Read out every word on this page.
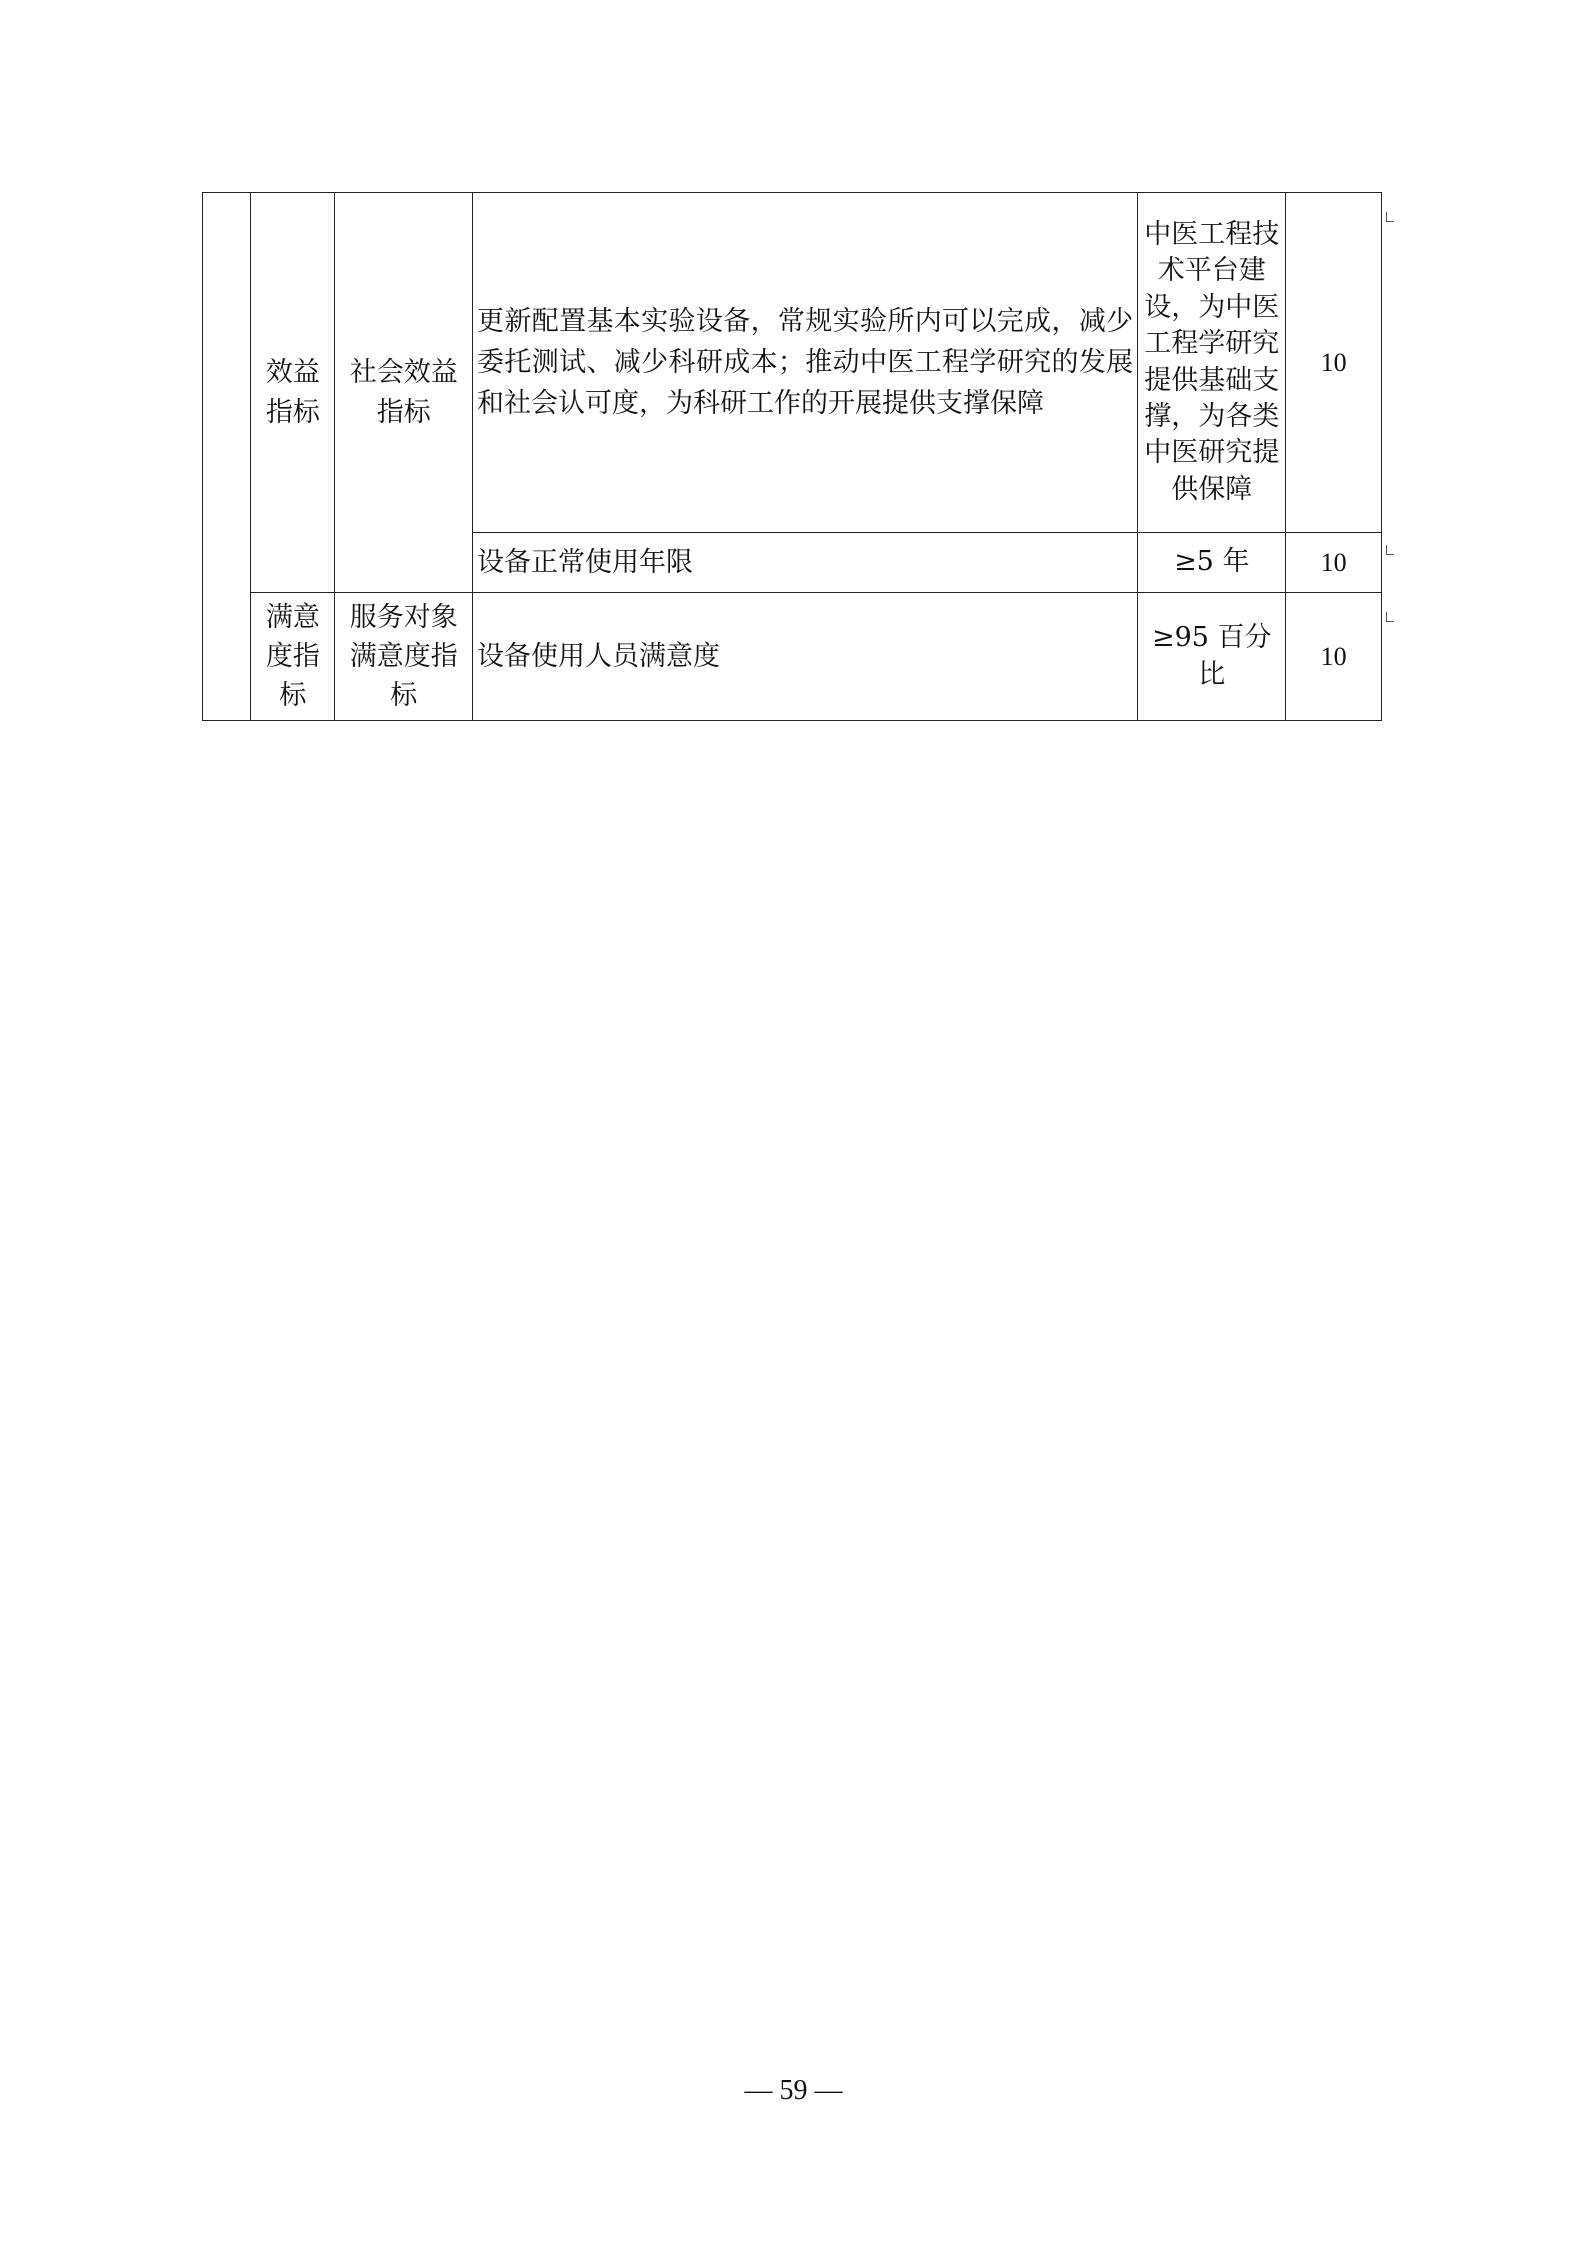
	效益指标	社会效益指标	更新配置基本实验设备，常规实验所内可以完成，减少委托测试、减少科研成本；推动中医工程学研究的发展和社会认可度，为科研工作的开展提供支撑保障	中医工程技术平台建设，为中医工程学研究提供基础支撑，为各类中医研究提供保障	10
			设备正常使用年限	≥5 年	10
	满意度指标	服务对象满意度指标	设备使用人员满意度	≥95 百分比	10
— 59 —
